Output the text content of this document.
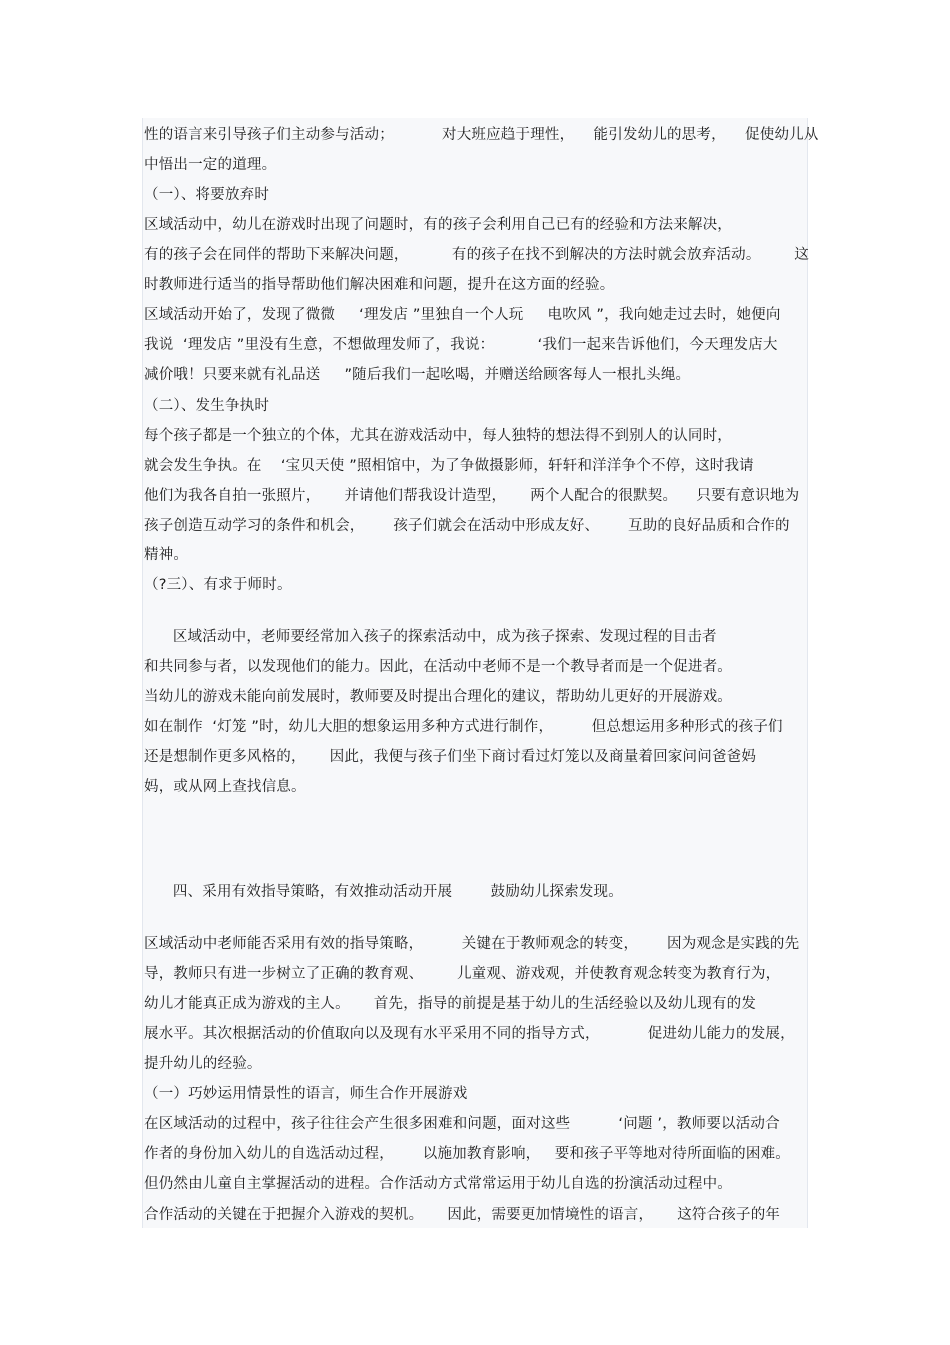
性的语言来引导孩子们主动参与活动；          对大班应趋于理性，    能引发幼儿的思考，    促使幼儿从
中悟出一定的道理。
（一）、将要放弃时
区域活动中，幼儿在游戏时出现了问题时，有的孩子会利用自己已有的经验和方法来解决，
有的孩子会在同伴的帮助下来解决问题，         有的孩子在找不到解决的方法时就会放弃活动。       这
时教师进行适当的指导帮助他们解决困难和问题，提升在这方面的经验。
区域活动开始了，发现了微微     ‘理发店 ”里独自一个人玩     电吹风 ”，我向她走过去时，她便向
我说  ‘理发店 ”里没有生意，不想做理发师了，我说：         ‘我们一起来告诉他们，今天理发店大
减价哦！只要来就有礼品送     ”随后我们一起吆喝，并赠送给顾客每人一根扎头绳。
（二）、发生争执时
每个孩子都是一个独立的个体，尤其在游戏活动中，每人独特的想法得不到别人的认同时，
就会发生争执。在    ‘宝贝天使 ”照相馆中，为了争做摄影师，轩轩和洋洋争个不停，这时我请
他们为我各自拍一张照片，     并请他们帮我设计造型，     两个人配合的很默契。    只要有意识地为
孩子创造互动学习的条件和机会，      孩子们就会在活动中形成友好、      互助的良好品质和合作的
精神。
（?三）、有求于师时。
区域活动中，老师要经常加入孩子的探索活动中，成为孩子探索、发现过程的目击者
和共同参与者，以发现他们的能力。因此，在活动中老师不是一个教导者而是一个促进者。
当幼儿的游戏未能向前发展时，教师要及时提出合理化的建议，帮助幼儿更好的开展游戏。
如在制作  ‘灯笼 ”时，幼儿大胆的想象运用多种方式进行制作，        但总想运用多种形式的孩子们
还是想制作更多风格的，     因此，我便与孩子们坐下商讨看过灯笼以及商量着回家问问爸爸妈
妈，或从网上查找信息。
四、采用有效指导策略，有效推动活动开展        鼓励幼儿探索发现。
区域活动中老师能否采用有效的指导策略，        关键在于教师观念的转变，      因为观念是实践的先
导，教师只有进一步树立了正确的教育观、       儿童观、游戏观，并使教育观念转变为教育行为，
幼儿才能真正成为游戏的主人。     首先，指导的前提是基于幼儿的生活经验以及幼儿现有的发
展水平。其次根据活动的价值取向以及现有水平采用不同的指导方式，          促进幼儿能力的发展，
提升幼儿的经验。
（一）巧妙运用情景性的语言，师生合作开展游戏
在区域活动的过程中，孩子往往会产生很多困难和问题，面对这些          ‘问题 ’，教师要以活动合
作者的身份加入幼儿的自选活动过程，      以施加教育影响，   要和孩子平等地对待所面临的困难。
但仍然由儿童自主掌握活动的进程。合作活动方式常常运用于幼儿自选的扮演活动过程中。
合作活动的关键在于把握介入游戏的契机。     因此，需要更加情境性的语言，     这符合孩子的年
